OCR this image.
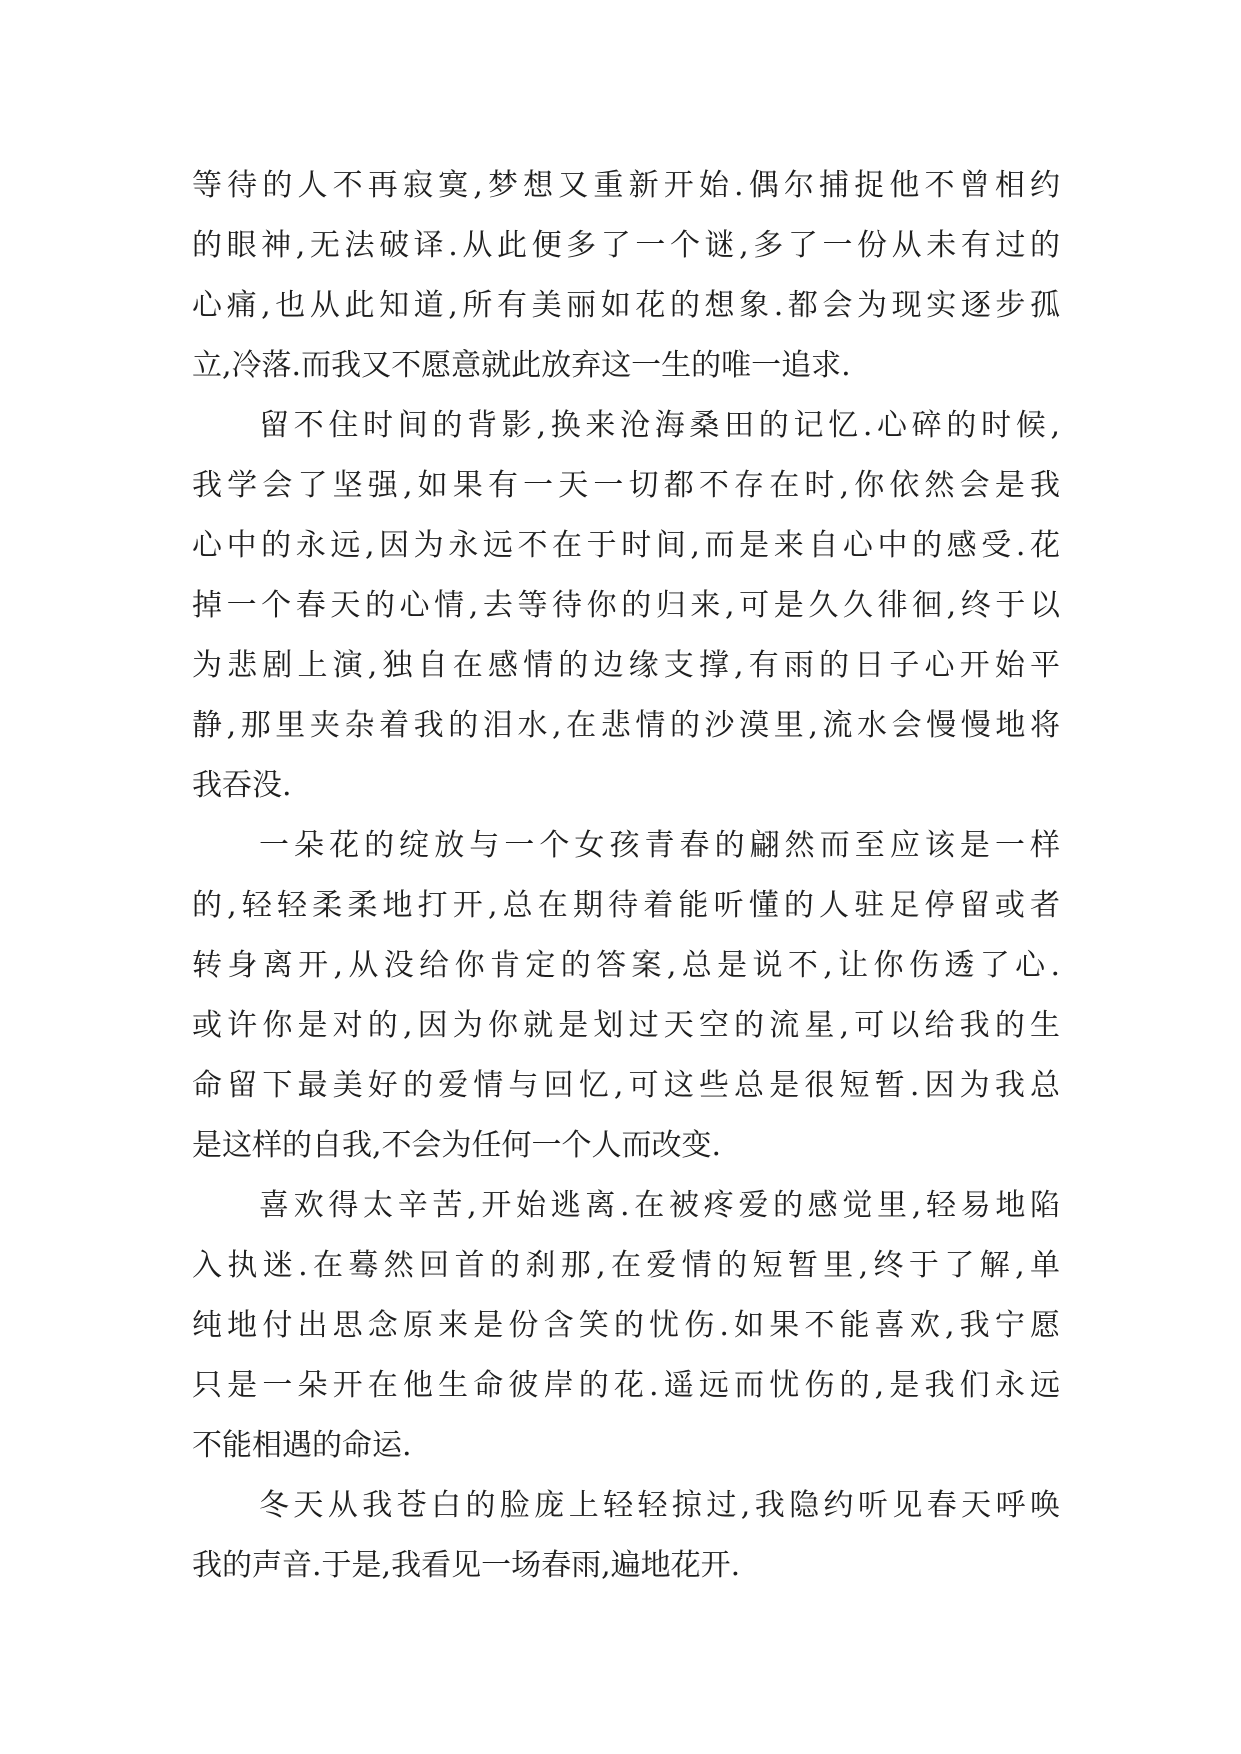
等待的人不再寂寞,梦想又重新开始.偶尔捕捉他不曾相约
的眼神,无法破译.从此便多了一个谜,多了一份从未有过的
心痛,也从此知道,所有美丽如花的想象.都会为现实逐步孤
立,冷落.而我又不愿意就此放弃这一生的唯一追求.
留不住时间的背影,换来沧海桑田的记忆.心碎的时候,
我学会了坚强,如果有一天一切都不存在时,你依然会是我
心中的永远,因为永远不在于时间,而是来自心中的感受.花
掉一个春天的心情,去等待你的归来,可是久久徘徊,终于以
为悲剧上演,独自在感情的边缘支撑,有雨的日子心开始平
静,那里夹杂着我的泪水,在悲情的沙漠里,流水会慢慢地将
我吞没.
一朵花的绽放与一个女孩青春的翩然而至应该是一样
的,轻轻柔柔地打开,总在期待着能听懂的人驻足停留或者
转身离开,从没给你肯定的答案,总是说不,让你伤透了心.
或许你是对的,因为你就是划过天空的流星,可以给我的生
命留下最美好的爱情与回忆,可这些总是很短暂.因为我总
是这样的自我,不会为任何一个人而改变.
喜欢得太辛苦,开始逃离.在被疼爱的感觉里,轻易地陷
入执迷.在蓦然回首的刹那,在爱情的短暂里,终于了解,单
纯地付出思念原来是份含笑的忧伤.如果不能喜欢,我宁愿
只是一朵开在他生命彼岸的花.遥远而忧伤的,是我们永远
不能相遇的命运.
冬天从我苍白的脸庞上轻轻掠过,我隐约听见春天呼唤
我的声音.于是,我看见一场春雨,遍地花开.
